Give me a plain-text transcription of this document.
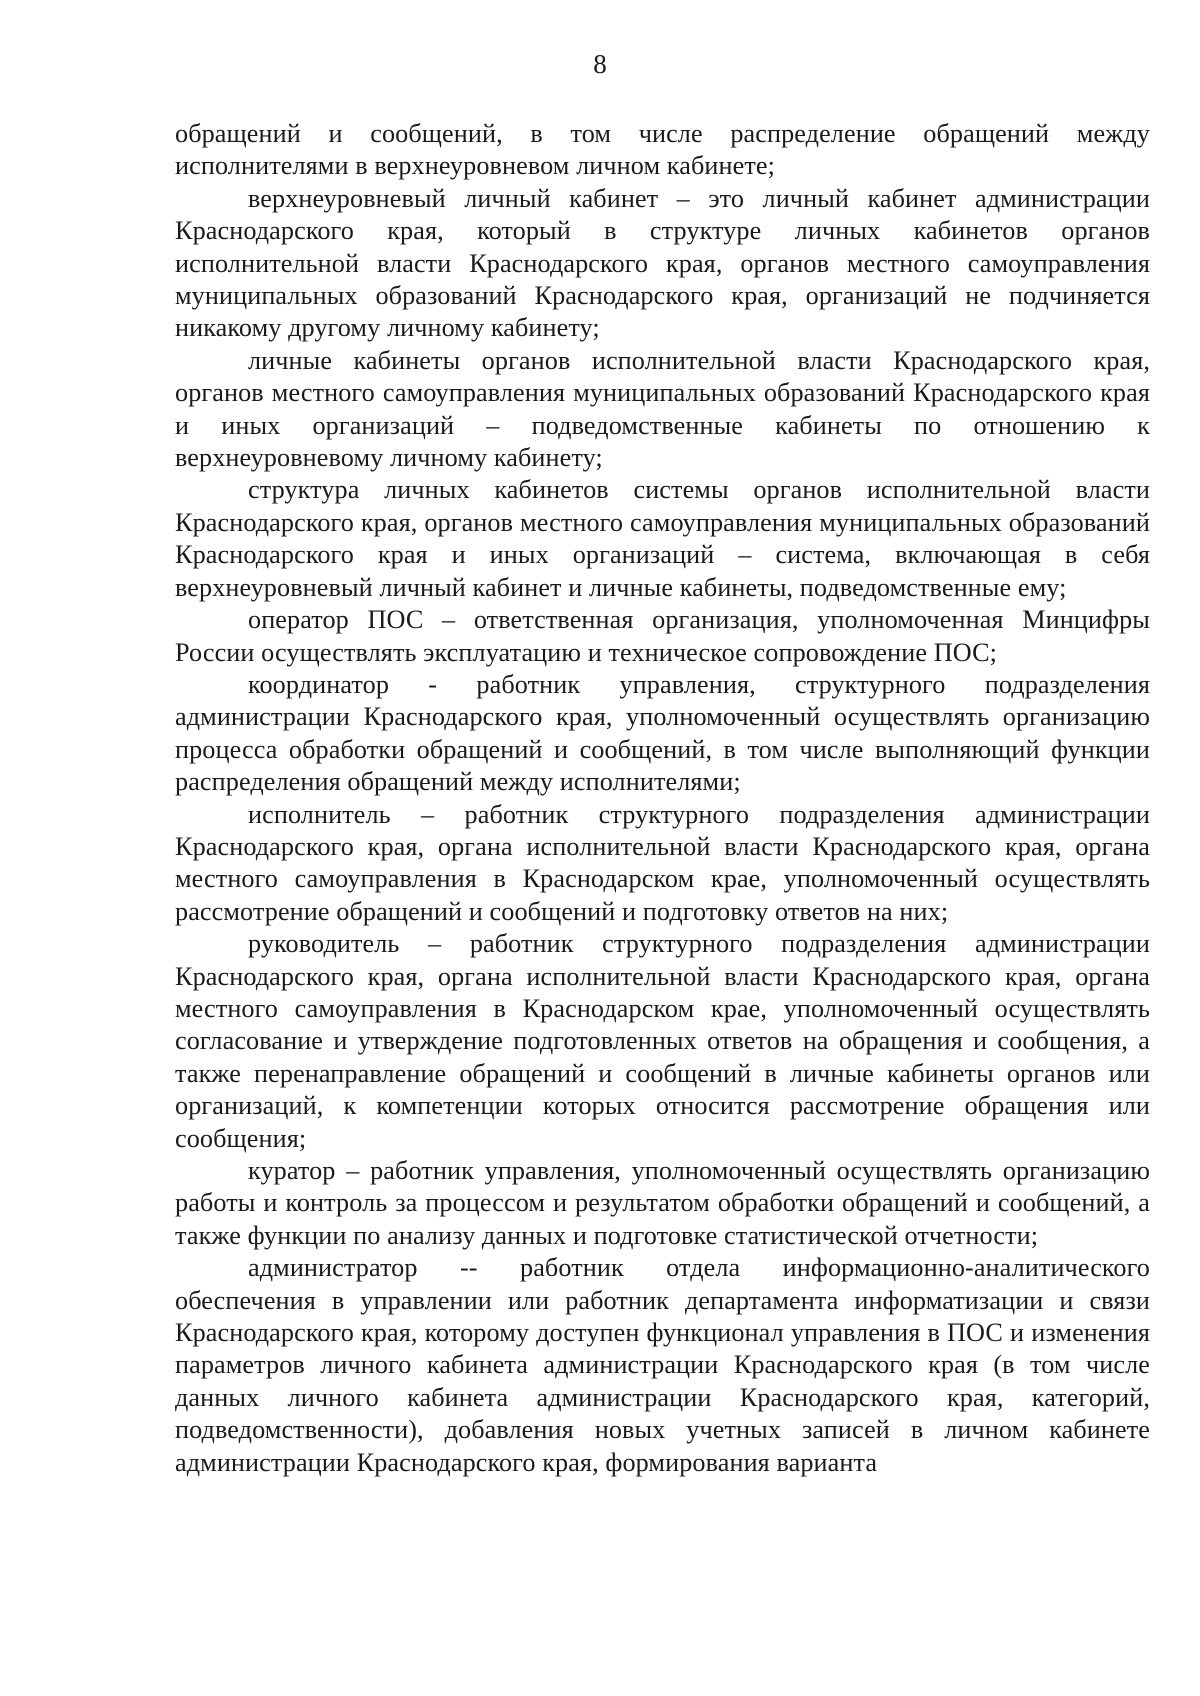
8

обращений и сообщений, в том числе распределение обращений между исполнителями в верхнеуровневом личном кабинете;

верхнеуровневый личный кабинет – это личный кабинет администрации Краснодарского края, который в структуре личных кабинетов органов исполнительной власти Краснодарского края, органов местного самоуправления муниципальных образований Краснодарского края, организаций не подчиняется никакому другому личному кабинету;

личные кабинеты органов исполнительной власти Краснодарского края, органов местного самоуправления муниципальных образований Краснодарского края и иных организаций – подведомственные кабинеты по отношению к верхнеуровневому личному кабинету;

структура личных кабинетов системы органов исполнительной власти Краснодарского края, органов местного самоуправления муниципальных образований Краснодарского края и иных организаций – система, включающая в себя верхнеуровневый личный кабинет и личные кабинеты, подведомственные ему;

оператор ПОС – ответственная организация, уполномоченная Минцифры России осуществлять эксплуатацию и техническое сопровождение ПОС;

координатор - работник управления, структурного подразделения администрации Краснодарского края, уполномоченный осуществлять организацию процесса обработки обращений и сообщений, в том числе выполняющий функции распределения обращений между исполнителями;

исполнитель – работник структурного подразделения администрации Краснодарского края, органа исполнительной власти Краснодарского края, органа местного самоуправления в Краснодарском крае, уполномоченный осуществлять рассмотрение обращений и сообщений и подготовку ответов на них;

руководитель – работник структурного подразделения администрации Краснодарского края, органа исполнительной власти Краснодарского края, органа местного самоуправления в Краснодарском крае, уполномоченный осуществлять согласование и утверждение подготовленных ответов на обращения и сообщения, а также перенаправление обращений и сообщений в личные кабинеты органов или организаций, к компетенции которых относится рассмотрение обращения или сообщения;

куратор – работник управления, уполномоченный осуществлять организацию работы и контроль за процессом и результатом обработки обращений и сообщений, а также функции по анализу данных и подготовке статистической отчетности;

администратор -- работник отдела информационно-аналитического обеспечения в управлении или работник департамента информатизации и связи Краснодарского края, которому доступен функционал управления в ПОС и изменения параметров личного кабинета администрации Краснодарского края (в том числе данных личного кабинета администрации Краснодарского края, категорий, подведомственности), добавления новых учетных записей в личном кабинете администрации Краснодарского края, формирования варианта
